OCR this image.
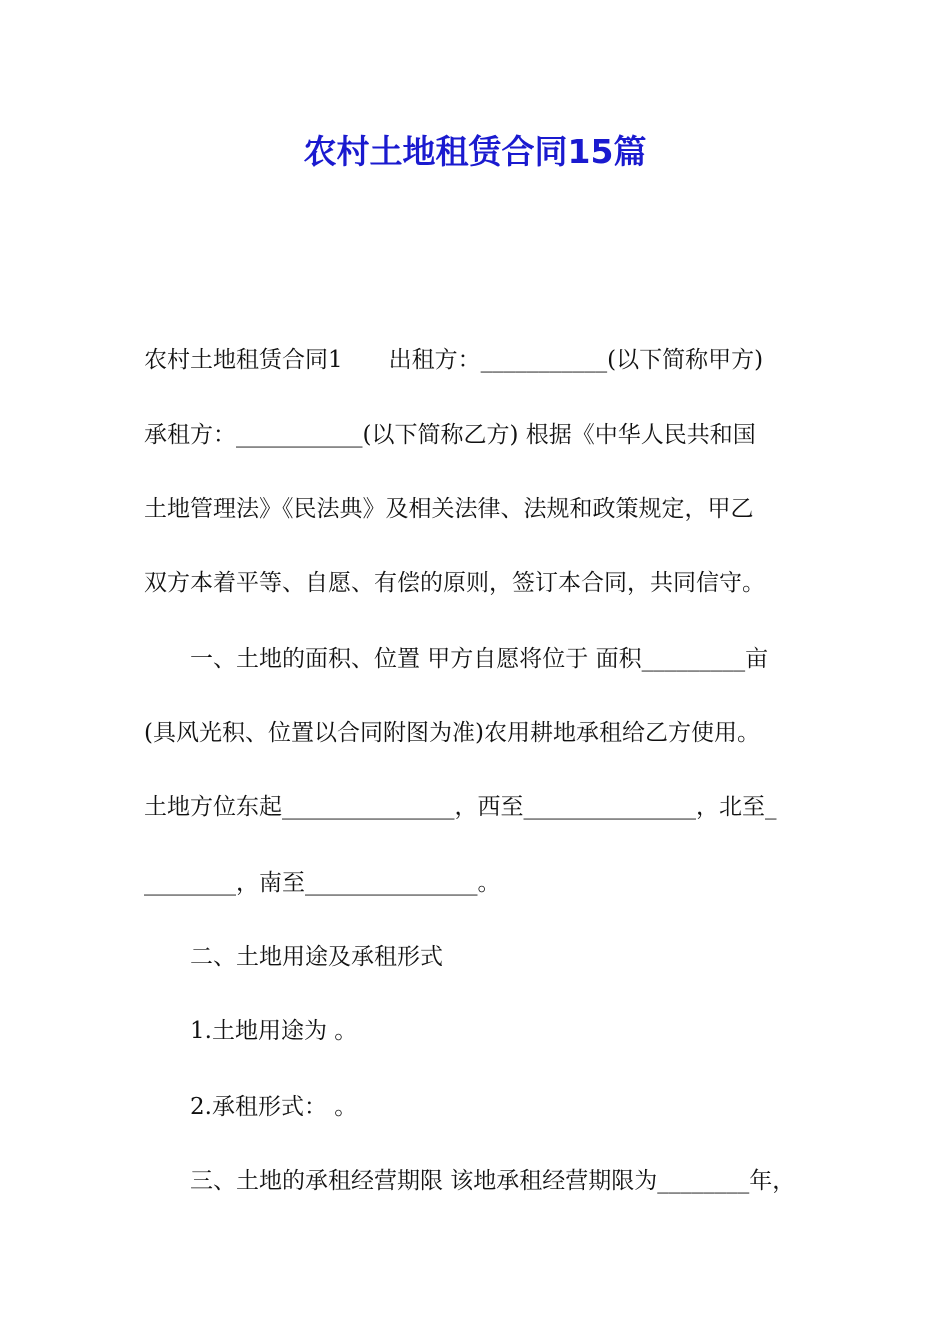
农村土地租赁合同15篇
农村土地租赁合同1　　出租方：___________(以下简称甲方)
承租方：___________(以下简称乙方) 根据《中华人民共和国
土地管理法》《民法典》及相关法律、法规和政策规定，甲乙
双方本着平等、自愿、有偿的原则，签订本合同，共同信守。
　　一、土地的面积、位置 甲方自愿将位于 面积_________亩
(具风光积、位置以合同附图为准)农用耕地承租给乙方使用。
土地方位东起_______________，西至_______________，北至_
________，南至_______________。
　　二、土地用途及承租形式
　　1.土地用途为 。
　　2.承租形式： 。
　　三、土地的承租经营期限 该地承租经营期限为________年，
